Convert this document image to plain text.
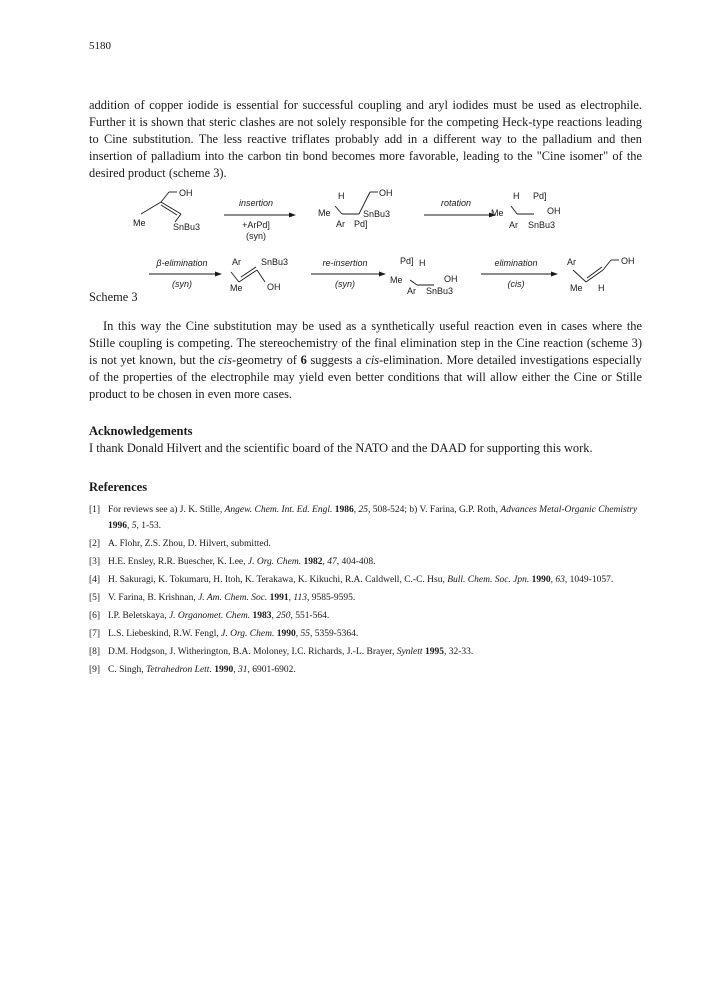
5180

addition of copper iodide is essential for successful coupling and aryl iodides must be used as electrophile. Further it is shown that steric clashes are not solely responsible for the competing Heck-type reactions leading to Cine substitution. The less reactive triflates probably add in a different way to the palladium and then insertion of palladium into the carbon tin bond becomes more favorable, leading to the "Cine isomer" of the desired product (scheme 3).

OH
Me	SnBu3
insertion
+ArPd]
(syn)
H	OH
Me	SnBu3
Ar Pd]
rotation
H Pd]
Me	OH
Ar SnBu3
β-elimination
(syn)
Ar SnBu3
Me	OH
re-insertion
(syn)
Pd] H
Me	OH
Ar SnBu3
elimination
(cis)
Ar	OH
Me H
Scheme 3

In this way the Cine substitution may be used as a synthetically useful reaction even in cases where the Stille coupling is competing. The stereochemistry of the final elimination step in the Cine reaction (scheme 3) is not yet known, but the cis-geometry of 6 suggests a cis-elimination. More detailed investigations especially of the properties of the electrophile may yield even better conditions that will allow either the Cine or Stille product to be chosen in even more cases.

Acknowledgements

I thank Donald Hilvert and the scientific board of the NATO and the DAAD for supporting this work.

References
[1] For reviews see a) J. K. Stille, Angew. Chem. Int. Ed. Engl. 1986, 25, 508-524; b) V. Farina, G.P. Roth, Advances Metal-Organic Chemistry 1996, 5, 1-53.
[2] A. Flohr, Z.S. Zhou, D. Hilvert, submitted.
[3] H.E. Ensley, R.R. Buescher, K. Lee, J. Org. Chem. 1982, 47, 404-408.
[4] H. Sakuragi, K. Tokumaru, H. Itoh, K. Terakawa, K. Kikuchi, R.A. Caldwell, C.-C. Hsu, Bull. Chem. Soc. Jpn. 1990, 63, 1049-1057.
[5] V. Farina, B. Krishnan, J. Am. Chem. Soc. 1991, 113, 9585-9595.
[6] I.P. Beletskaya, J. Organomet. Chem. 1983, 250, 551-564.
[7] L.S. Liebeskind, R.W. Fengl, J. Org. Chem. 1990, 55, 5359-5364.
[8] D.M. Hodgson, J. Witherington, B.A. Moloney, I.C. Richards, J.-L. Brayer, Synlett 1995, 32-33.
[9] C. Singh, Tetrahedron Lett. 1990, 31, 6901-6902.
